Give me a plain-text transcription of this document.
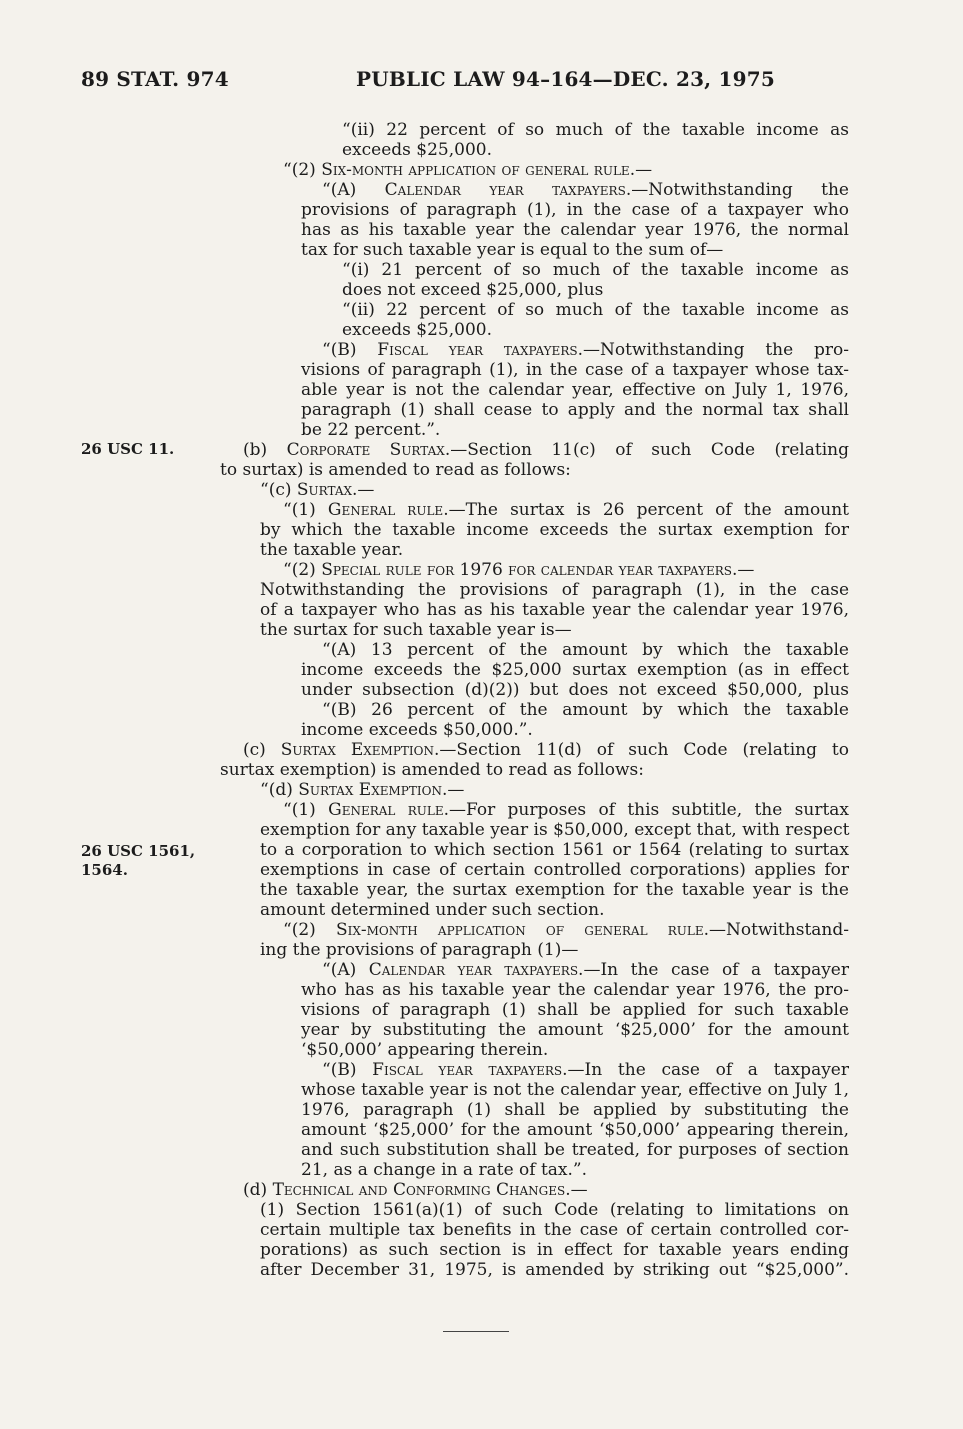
89 STAT. 974	PUBLIC LAW 94–164—DEC. 23, 1975
26 USC 11.
26 USC 1561,
1564.
“(ii) 22 percent of so much of the taxable income as
exceeds $25,000.
“(2) Six-month application of general rule.—
“(A) Calendar year taxpayers.—Notwithstanding the
provisions of paragraph (1), in the case of a taxpayer who
has as his taxable year the calendar year 1976, the normal
tax for such taxable year is equal to the sum of—
“(i) 21 percent of so much of the taxable income as
does not exceed $25,000, plus
“(ii) 22 percent of so much of the taxable income as
exceeds $25,000.
“(B) Fiscal year taxpayers.—Notwithstanding the pro-
visions of paragraph (1), in the case of a taxpayer whose tax-
able year is not the calendar year, effective on July 1, 1976,
paragraph (1) shall cease to apply and the normal tax shall
be 22 percent.”.
(b) Corporate Surtax.—Section 11(c) of such Code (relating
to surtax) is amended to read as follows:
“(c) Surtax.—
“(1) General rule.—The surtax is 26 percent of the amount
by which the taxable income exceeds the surtax exemption for
the taxable year.
“(2) Special rule for 1976 for calendar year taxpayers.—
Notwithstanding the provisions of paragraph (1), in the case
of a taxpayer who has as his taxable year the calendar year 1976,
the surtax for such taxable year is—
“(A) 13 percent of the amount by which the taxable
income exceeds the $25,000 surtax exemption (as in effect
under subsection (d)(2)) but does not exceed $50,000, plus
“(B) 26 percent of the amount by which the taxable
income exceeds $50,000.”.
(c) Surtax Exemption.—Section 11(d) of such Code (relating to
surtax exemption) is amended to read as follows:
“(d) Surtax Exemption.—
“(1) General rule.—For purposes of this subtitle, the surtax
exemption for any taxable year is $50,000, except that, with respect
to a corporation to which section 1561 or 1564 (relating to surtax
exemptions in case of certain controlled corporations) applies for
the taxable year, the surtax exemption for the taxable year is the
amount determined under such section.
“(2) Six-month application of general rule.—Notwithstand-
ing the provisions of paragraph (1)—
“(A) Calendar year taxpayers.—In the case of a taxpayer
who has as his taxable year the calendar year 1976, the pro-
visions of paragraph (1) shall be applied for such taxable
year by substituting the amount ‘$25,000’ for the amount
‘$50,000’ appearing therein.
“(B) Fiscal year taxpayers.—In the case of a taxpayer
whose taxable year is not the calendar year, effective on July 1,
1976, paragraph (1) shall be applied by substituting the
amount ‘$25,000’ for the amount ‘$50,000’ appearing therein,
and such substitution shall be treated, for purposes of section
21, as a change in a rate of tax.”.
(d) Technical and Conforming Changes.—
(1) Section 1561(a)(1) of such Code (relating to limitations on
certain multiple tax benefits in the case of certain controlled cor-
porations) as such section is in effect for taxable years ending
after December 31, 1975, is amended by striking out “$25,000”.
